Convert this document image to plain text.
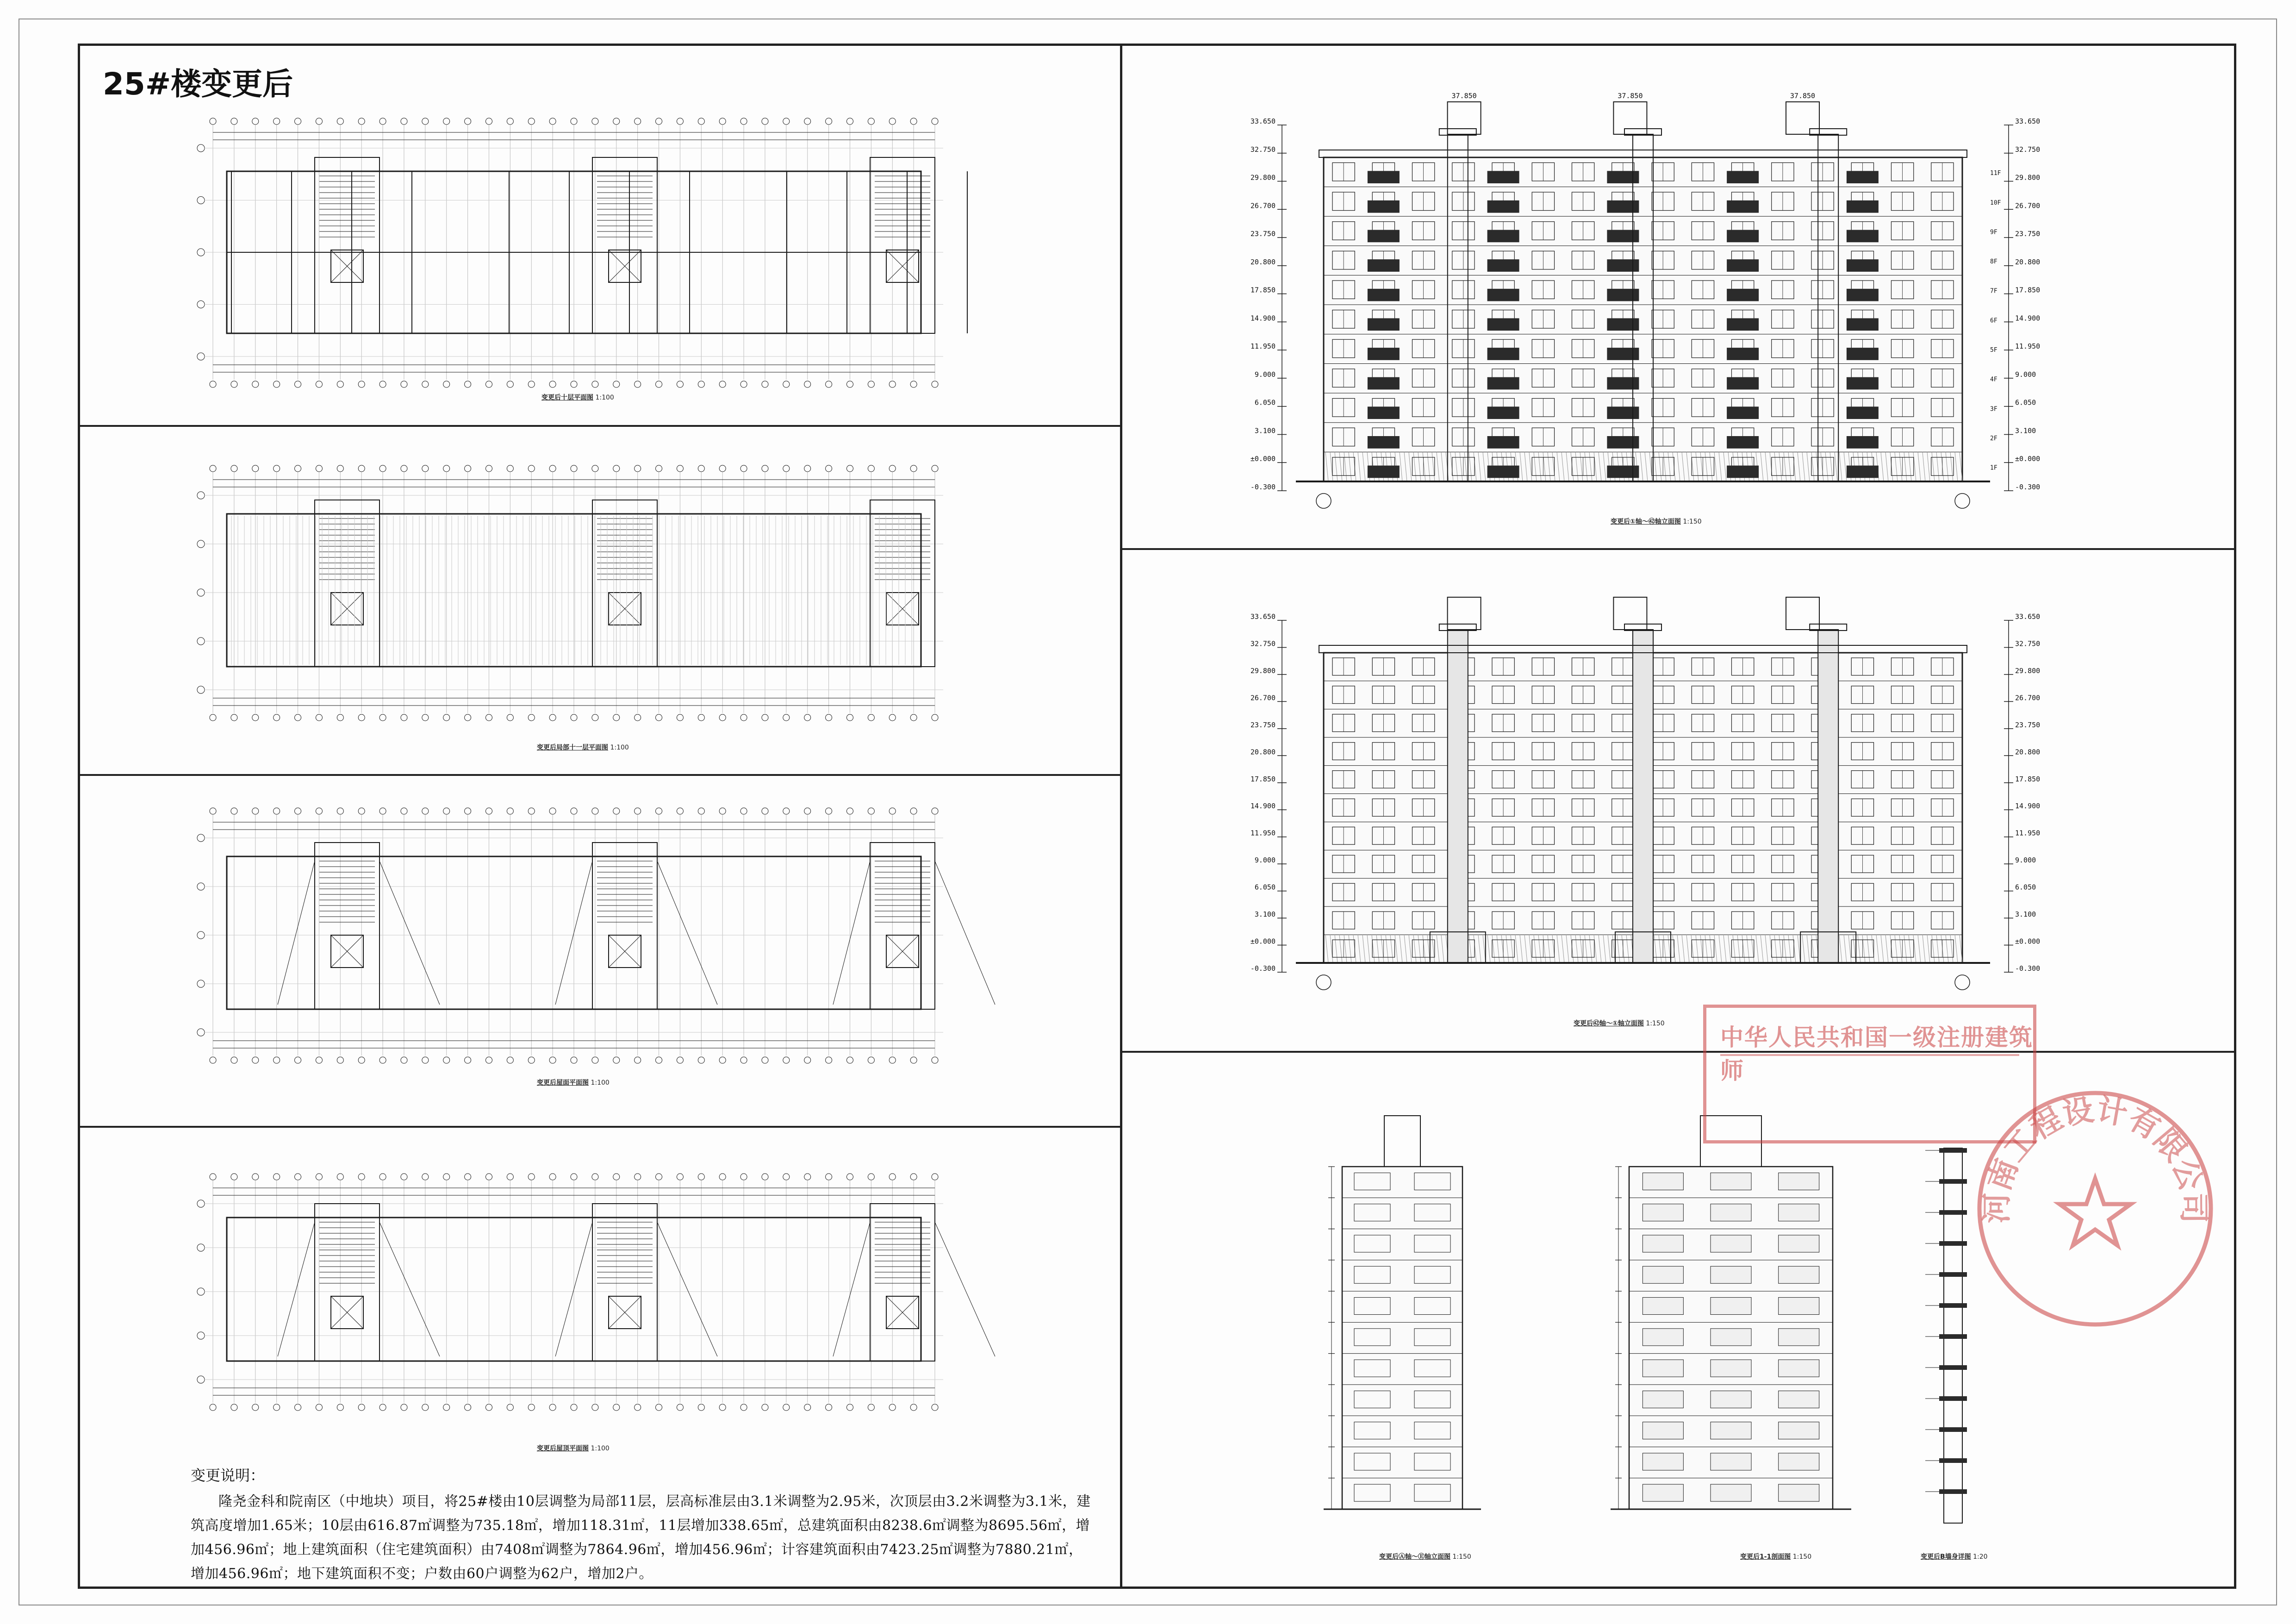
25#楼变更后
变更后十层平面图 1:100
变更后局部十一层平面图 1:100
变更后屋面平面图 1:100
变更后屋顶平面图 1:100
变更说明：
隆尧金科和院南区（中地块）项目，将25#楼由10层调整为局部11层，层高标准层由3.1米调整为2.95米，次顶层由3.2米调整为3.1米，建筑高度增加1.65米；10层由616.87㎡调整为735.18㎡，增加118.31㎡，11层增加338.65㎡，总建筑面积由8238.6㎡调整为8695.56㎡，增加456.96㎡；地上建筑面积（住宅建筑面积）由7408㎡调整为7864.96㎡，增加456.96㎡；计容建筑面积由7423.25㎡调整为7880.21㎡，增加456.96㎡；地下建筑面积不变；户数由60户调整为62户，增加2户。
37.850	37.850	37.850
33.650
32.750
29.800
26.700
23.750
20.800
17.850
14.900
11.950
9.000
6.050
3.100
±0.000
-0.300
33.650
32.750
29.800
26.700
23.750
20.800
17.850
14.900
11.950
9.000
6.050
3.100
±0.000
-0.300
11F
10F
9F
8F
7F
6F
5F
4F
3F
2F
1F
变更后①轴～㊷轴立面图 1:150
33.650
32.750
29.800
26.700
23.750
20.800
17.850
14.900
11.950
9.000
6.050
3.100
±0.000
-0.300
33.650
32.750
29.800
26.700
23.750
20.800
17.850
14.900
11.950
9.000
6.050
3.100
±0.000
-0.300
变更后㊷轴～①轴立面图 1:150
变更后Ⓐ轴～Ⓔ轴立面图 1:150	变更后1-1剖面图 1:150	变更后B墙身详图 1:20
中华人民共和国一级注册建筑师
河南工程设计有限公司
